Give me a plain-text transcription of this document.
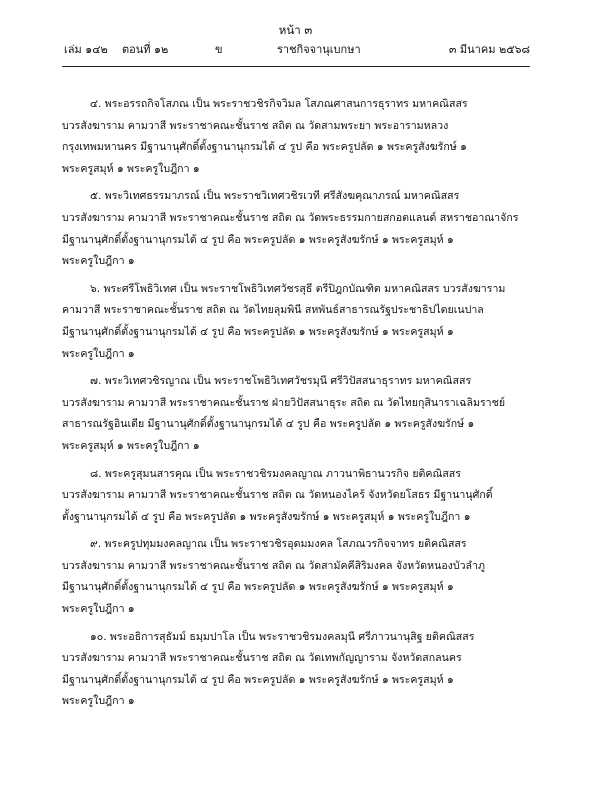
หน้า ๓
เล่ม ๑๔๒ ตอนที่ ๑๒	ข	ราชกิจจานุเบกษา	๓ มีนาคม ๒๕๖๘
๔. พระอรรถกิจโสภณ เป็น พระราชวชิรกิจวิมล โสภณศาสนการธุราทร มหาคณิสสร
บวรสังฆาราม คามวาสี พระราชาคณะชั้นราช สถิต ณ วัดสามพระยา พระอารามหลวง
กรุงเทพมหานคร มีฐานานุศักดิ์ตั้งฐานานุกรมได้ ๔ รูป คือ พระครูปลัด ๑ พระครูสังฆรักษ์ ๑
พระครูสมุห์ ๑ พระครูใบฎีกา ๑
๕. พระวิเทศธรรมาภรณ์ เป็น พระราชวิเทศวชิรเวที ศรีสังฆคุณาภรณ์ มหาคณิสสร
บวรสังฆาราม คามวาสี พระราชาคณะชั้นราช สถิต ณ วัดพระธรรมกายสกอตแลนด์ สหราชอาณาจักร
มีฐานานุศักดิ์ตั้งฐานานุกรมได้ ๔ รูป คือ พระครูปลัด ๑ พระครูสังฆรักษ์ ๑ พระครูสมุห์ ๑
พระครูใบฎีกา ๑
๖. พระศรีโพธิวิเทศ เป็น พระราชโพธิวิเทศวัชรสุธี ตรีปิฎกบัณฑิต มหาคณิสสร บวรสังฆาราม
คามวาสี พระราชาคณะชั้นราช สถิต ณ วัดไทยลุมพินี สหพันธ์สาธารณรัฐประชาธิปไตยเนปาล
มีฐานานุศักดิ์ตั้งฐานานุกรมได้ ๔ รูป คือ พระครูปลัด ๑ พระครูสังฆรักษ์ ๑ พระครูสมุห์ ๑
พระครูใบฎีกา ๑
๗. พระวิเทศวชิรญาณ เป็น พระราชโพธิวิเทศวัชรมุนี ศรีวิปัสสนาธุราทร มหาคณิสสร
บวรสังฆาราม คามวาสี พระราชาคณะชั้นราช ฝ่ายวิปัสสนาธุระ สถิต ณ วัดไทยกุสินาราเฉลิมราชย์
สาธารณรัฐอินเดีย มีฐานานุศักดิ์ตั้งฐานานุกรมได้ ๔ รูป คือ พระครูปลัด ๑ พระครูสังฆรักษ์ ๑
พระครูสมุห์ ๑ พระครูใบฎีกา ๑
๘. พระครูสุมนสารคุณ เป็น พระราชวชิรมงคลญาณ ภาวนาพิธานวรกิจ ยติคณิสสร
บวรสังฆาราม คามวาสี พระราชาคณะชั้นราช สถิต ณ วัดหนองไคร้ จังหวัดยโสธร มีฐานานุศักดิ์
ตั้งฐานานุกรมได้ ๔ รูป คือ พระครูปลัด ๑ พระครูสังฆรักษ์ ๑ พระครูสมุห์ ๑ พระครูใบฎีกา ๑
๙. พระครูปทุมมงคลญาณ เป็น พระราชวชิรอุดมมงคล โสภณวรกิจจาทร ยติคณิสสร
บวรสังฆาราม คามวาสี พระราชาคณะชั้นราช สถิต ณ วัดสามัคคีสิริมงคล จังหวัดหนองบัวลำภู
มีฐานานุศักดิ์ตั้งฐานานุกรมได้ ๔ รูป คือ พระครูปลัด ๑ พระครูสังฆรักษ์ ๑ พระครูสมุห์ ๑
พระครูใบฎีกา ๑
๑๐. พระอธิการสุธัมม์ ธมฺมปาโล เป็น พระราชวชิรมงคลมุนี ศรีภาวนานุสิฐ ยติคณิสสร
บวรสังฆาราม คามวาสี พระราชาคณะชั้นราช สถิต ณ วัดเทพกัญญาราม จังหวัดสกลนคร
มีฐานานุศักดิ์ตั้งฐานานุกรมได้ ๔ รูป คือ พระครูปลัด ๑ พระครูสังฆรักษ์ ๑ พระครูสมุห์ ๑
พระครูใบฎีกา ๑
